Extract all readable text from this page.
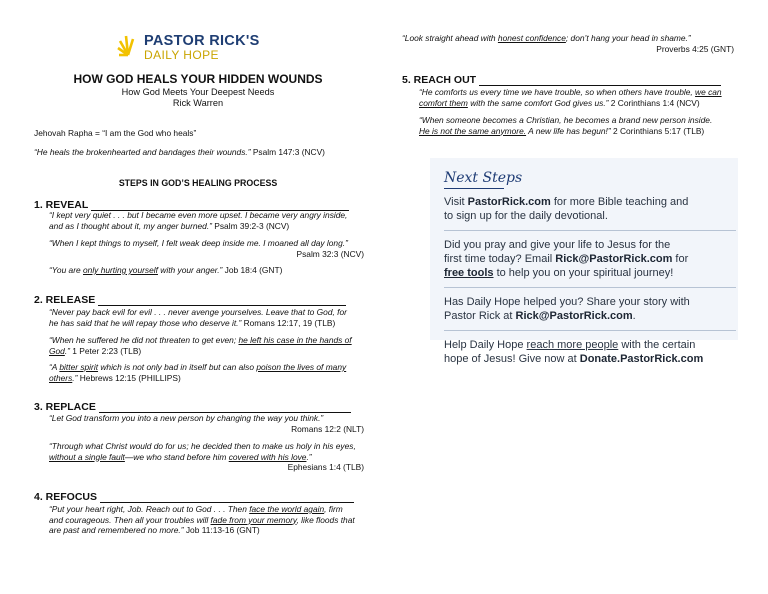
PASTOR RICK'S
DAILY HOPE
HOW GOD HEALS YOUR HIDDEN WOUNDS
How God Meets Your Deepest Needs
Rick Warren
Jehovah Rapha = “I am the God who heals”
“He heals the brokenhearted and bandages their wounds.” Psalm 147:3 (NCV)
STEPS IN GOD’S HEALING PROCESS
1. REVEAL
“I kept very quiet . . . but I became even more upset. I became very angry inside,
and as I thought about it, my anger burned.” Psalm 39:2-3 (NCV)
“When I kept things to myself, I felt weak deep inside me. I moaned all day long.”

Psalm 32:3 (NCV)
“You are only hurting yourself with your anger.” Job 18:4 (GNT)
2. RELEASE
“Never pay back evil for evil . . . never avenge yourselves. Leave that to God, for
he has said that he will repay those who deserve it.” Romans 12:17, 19 (TLB)
“When he suffered he did not threaten to get even; he left his case in the hands of
God.” 1 Peter 2:23 (TLB)
“A bitter spirit which is not only bad in itself but can also poison the lives of many
others.” Hebrews 12:15 (PHILLIPS)
3. REPLACE
“Let God transform you into a new person by changing the way you think.”
Romans 12:2 (NLT)
“Through what Christ would do for us; he decided then to make us holy in his eyes,
without a single fault—we who stand before him covered with his love.”
Ephesians 1:4 (TLB)
4. REFOCUS
“Put your heart right, Job. Reach out to God . . . Then face the world again, firm
and courageous. Then all your troubles will fade from your memory, like floods that
are past and remembered no more.” Job 11:13-16 (GNT)
“Look straight ahead with honest confidence; don’t hang your head in shame.”
Proverbs 4:25 (GNT)
5. REACH OUT
“He comforts us every time we have trouble, so when others have trouble, we can
comfort them with the same comfort God gives us.” 2 Corinthians 1:4 (NCV)
“When someone becomes a Christian, he becomes a brand new person inside.
He is not the same anymore. A new life has begun!” 2 Corinthians 5:17 (TLB)
Next Steps

Visit PastorRick.com for more Bible teaching and
to sign up for the daily devotional.

Did you pray and give your life to Jesus for the
first time today? Email Rick@PastorRick.com for
free tools to help you on your spiritual journey!

Has Daily Hope helped you? Share your story with
Pastor Rick at Rick@PastorRick.com.

Help Daily Hope reach more people with the certain
hope of Jesus! Give now at Donate.PastorRick.com
